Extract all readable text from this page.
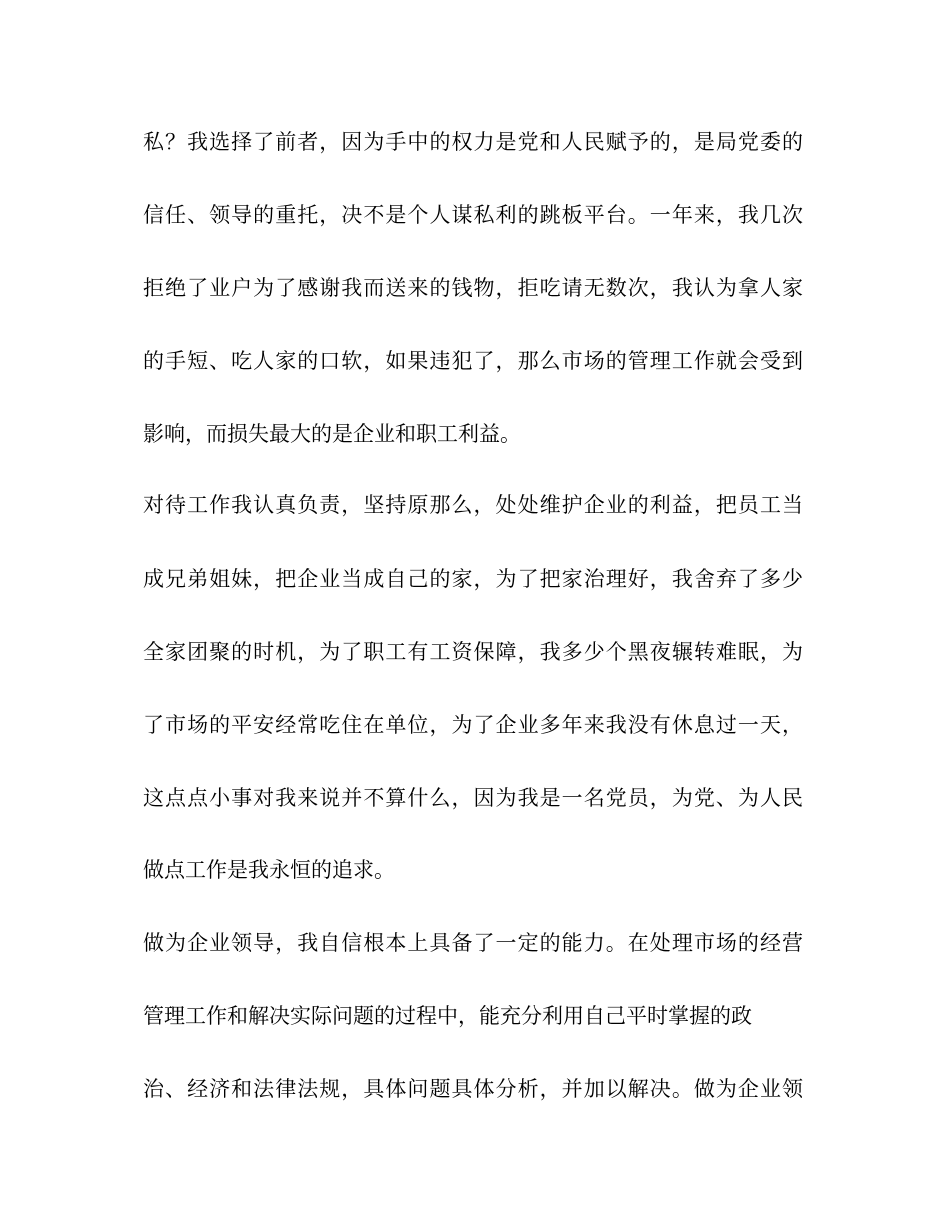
私？我选择了前者，因为手中的权力是党和人民赋予的，是局党委的
信任、领导的重托，决不是个人谋私利的跳板平台。一年来，我几次
拒绝了业户为了感谢我而送来的钱物，拒吃请无数次，我认为拿人家
的手短、吃人家的口软，如果违犯了，那么市场的管理工作就会受到
影响，而损失最大的是企业和职工利益。
对待工作我认真负责，坚持原那么，处处维护企业的利益，把员工当
成兄弟姐妹，把企业当成自己的家，为了把家治理好，我舍弃了多少
全家团聚的时机，为了职工有工资保障，我多少个黑夜辗转难眠，为
了市场的平安经常吃住在单位，为了企业多年来我没有休息过一天，
这点点小事对我来说并不算什么，因为我是一名党员，为党、为人民
做点工作是我永恒的追求。
做为企业领导，我自信根本上具备了一定的能力。在处理市场的经营
管理工作和解决实际问题的过程中，能充分利用自己平时掌握的政
治、经济和法律法规，具体问题具体分析，并加以解决。做为企业领
